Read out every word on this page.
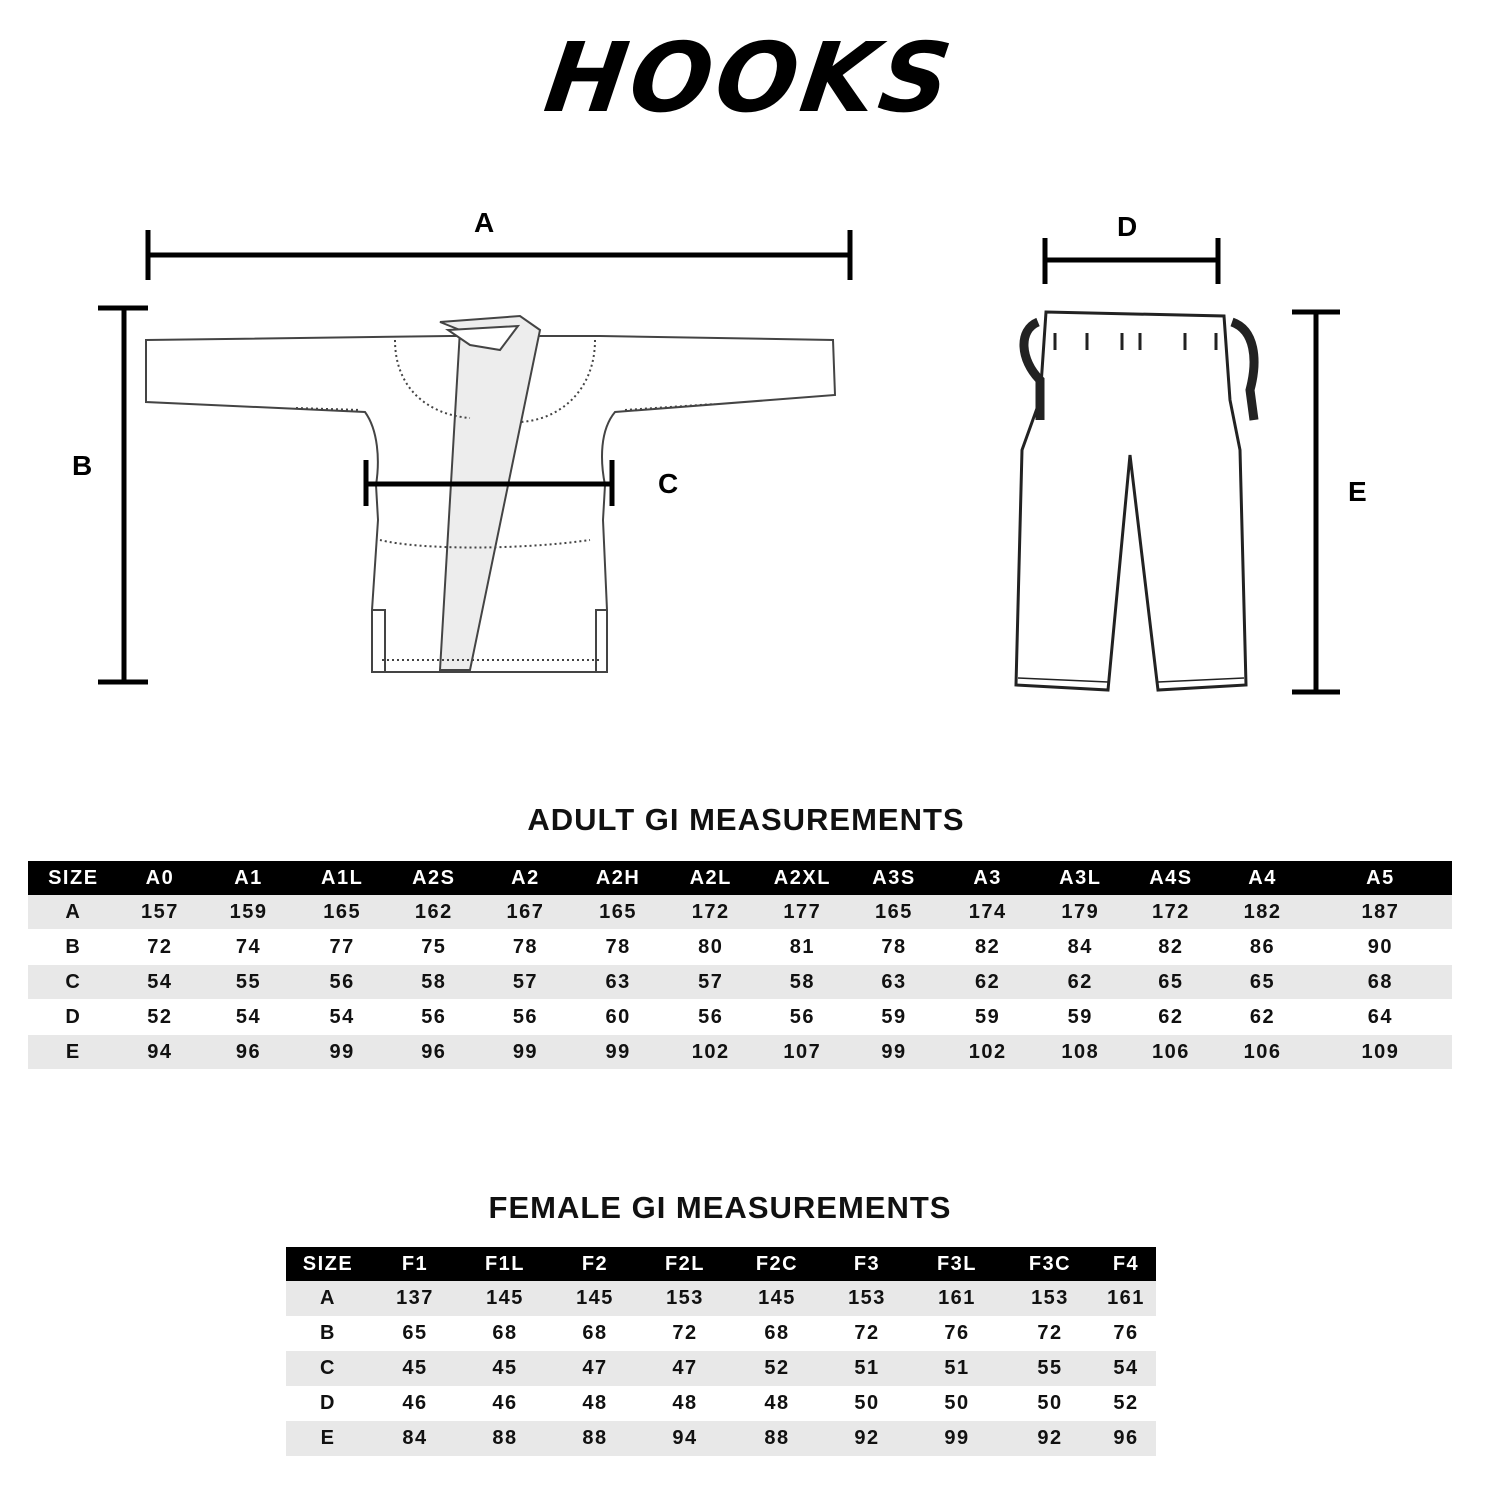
HOOKS
A
B
C
D
E
ADULT GI MEASUREMENTS
SIZE	A0	A1	A1L	A2S	A2	A2H	A2L	A2XL	A3S	A3	A3L	A4S	A4	A5
A	157	159	165	162	167	165	172	177	165	174	179	172	182	187
B	72	74	77	75	78	78	80	81	78	82	84	82	86	90
C	54	55	56	58	57	63	57	58	63	62	62	65	65	68
D	52	54	54	56	56	60	56	56	59	59	59	62	62	64
E	94	96	99	96	99	99	102	107	99	102	108	106	106	109
FEMALE GI MEASUREMENTS
SIZE	F1	F1L	F2	F2L	F2C	F3	F3L	F3C	F4
A	137	145	145	153	145	153	161	153	161
B	65	68	68	72	68	72	76	72	76
C	45	45	47	47	52	51	51	55	54
D	46	46	48	48	48	50	50	50	52
E	84	88	88	94	88	92	99	92	96
